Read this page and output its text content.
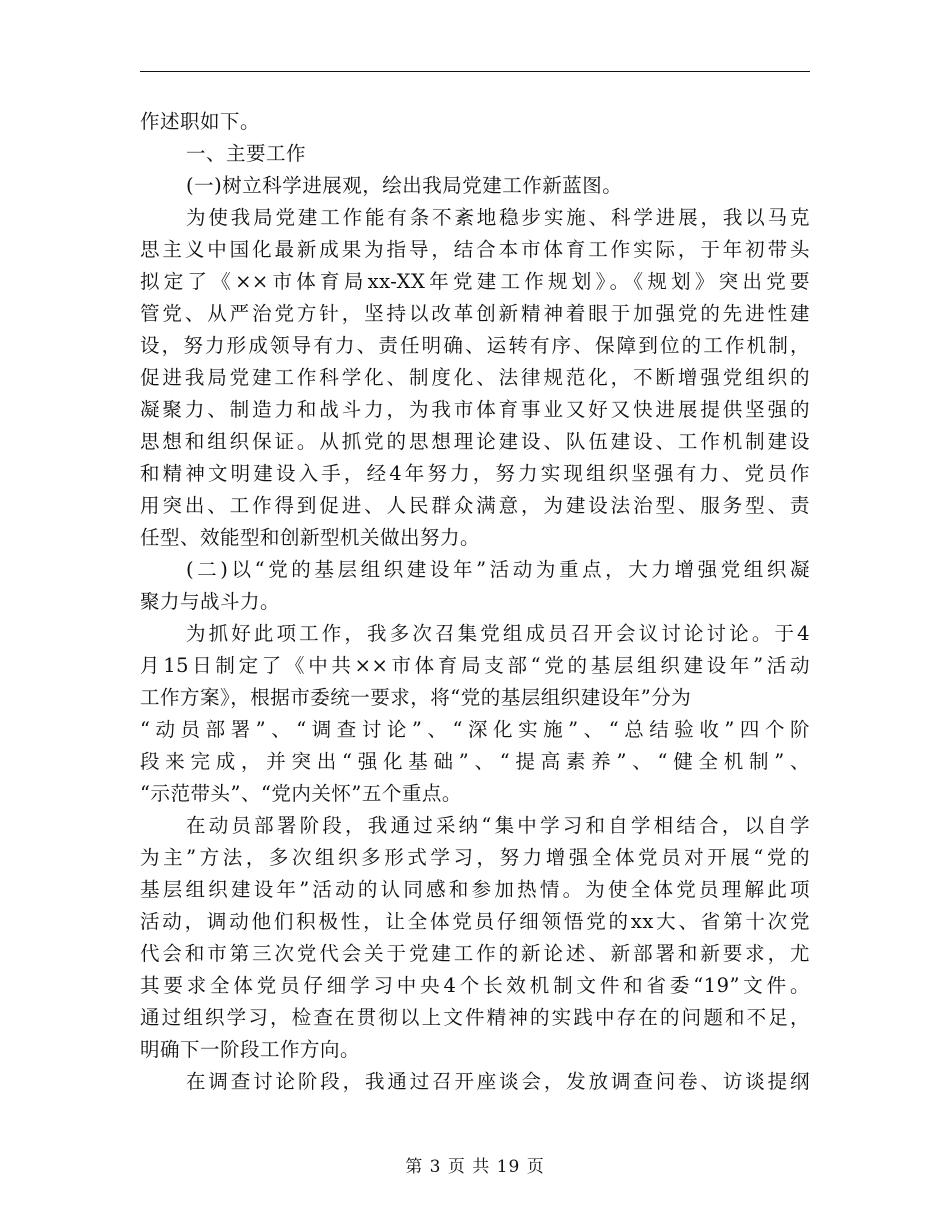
作述职如下。
一、主要工作
(一)树立科学进展观，绘出我局党建工作新蓝图。
为使我局党建工作能有条不紊地稳步实施、科学进展，我以马克
思主义中国化最新成果为指导，结合本市体育工作实际，于年初带头
拟定了《××市体育局xx-XX年党建工作规划》。《规划》突出党要
管党、从严治党方针，坚持以改革创新精神着眼于加强党的先进性建
设，努力形成领导有力、责任明确、运转有序、保障到位的工作机制，
促进我局党建工作科学化、制度化、法律规范化，不断增强党组织的
凝聚力、制造力和战斗力，为我市体育事业又好又快进展提供坚强的
思想和组织保证。从抓党的思想理论建设、队伍建设、工作机制建设
和精神文明建设入手，经4年努力，努力实现组织坚强有力、党员作
用突出、工作得到促进、人民群众满意，为建设法治型、服务型、责
任型、效能型和创新型机关做出努力。
(二)以“党的基层组织建设年”活动为重点，大力增强党组织凝
聚力与战斗力。
为抓好此项工作，我多次召集党组成员召开会议讨论讨论。于4
月15日制定了《中共××市体育局支部“党的基层组织建设年”活动
工作方案》，根据市委统一要求，将“党的基层组织建设年”分为
“动员部署”、“调查讨论”、“深化实施”、“总结验收”四个阶
段来完成，并突出“强化基础”、“提高素养”、“健全机制”、
“示范带头”、“党内关怀”五个重点。
在动员部署阶段，我通过采纳“集中学习和自学相结合，以自学
为主”方法，多次组织多形式学习，努力增强全体党员对开展“党的
基层组织建设年”活动的认同感和参加热情。为使全体党员理解此项
活动，调动他们积极性，让全体党员仔细领悟党的xx大、省第十次党
代会和市第三次党代会关于党建工作的新论述、新部署和新要求，尤
其要求全体党员仔细学习中央4个长效机制文件和省委“19”文件。
通过组织学习，检查在贯彻以上文件精神的实践中存在的问题和不足，
明确下一阶段工作方向。
在调查讨论阶段，我通过召开座谈会，发放调查问卷、访谈提纲
第 3 页 共 19 页
